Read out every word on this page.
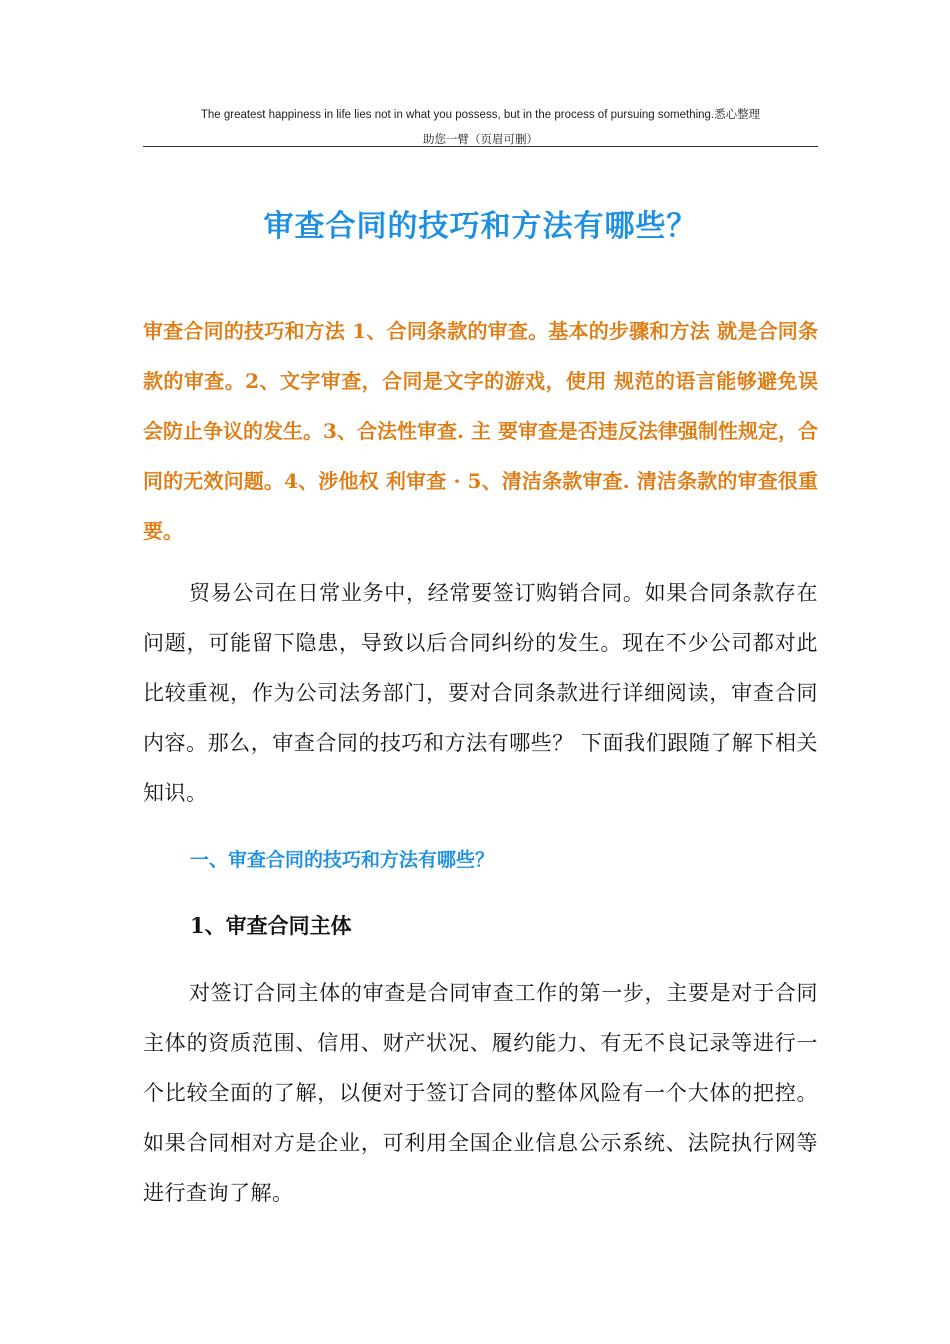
The greatest happiness in life lies not in what you possess, but in the process of pursuing something.悉心整理
助您一臂（页眉可删）
审查合同的技巧和方法有哪些？

审查合同的技巧和方法 1、合同条款的审查。基本的步骤和方法 就是合同条款的审查。2、文字审查，合同是文字的游戏，使用 规范的语言能够避免误会防止争议的发生。3、合法性审查. 主 要审查是否违反法律强制性规定，合同的无效问题。4、涉他权 利审查 · 5、清洁条款审查. 清洁条款的审查很重要。

贸易公司在日常业务中，经常要签订购销合同。如果合同条款存在问题，可能留下隐患，导致以后合同纠纷的发生。现在不少公司都对此比较重视，作为公司法务部门，要对合同条款进行详细阅读，审查合同内容。那么，审查合同的技巧和方法有哪些？ 下面我们跟随了解下相关知识。

一、审查合同的技巧和方法有哪些？
1、审查合同主体

对签订合同主体的审查是合同审查工作的第一步，主要是对于合同主体的资质范围、信用、财产状况、履约能力、有无不良记录等进行一个比较全面的了解，以便对于签订合同的整体风险有一个大体的把控。如果合同相对方是企业，可利用全国企业信息公示系统、法院执行网等进行查询了解。
